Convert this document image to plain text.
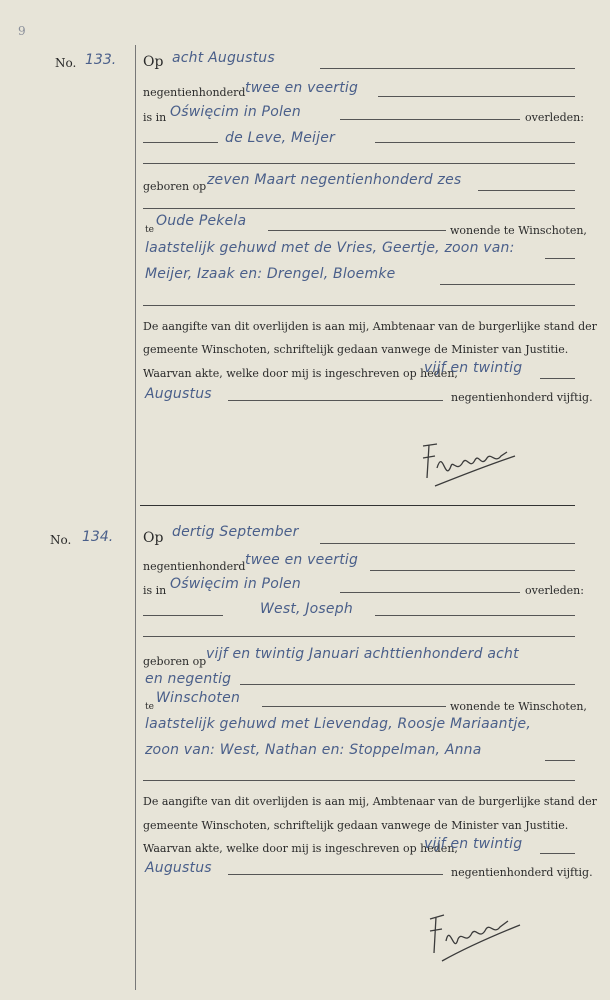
9
No. 133. Op acht Augustus
negentienhonderd twee en veertig
is in Oświęcim in Polen	overleden:
de Leve, Meijer
geboren op zeven Maart negentienhonderd zes
te
Oude Pekela
wonende te Winschoten,
laatstelijk gehuwd met de Vries, Geertje, zoon van:
Meijer, Izaak en: Drengel, Bloemke
De aangifte van dit overlijden is aan mij, Ambtenaar van de burgerlijke stand der
gemeente Winschoten, schriftelijk gedaan vanwege de Minister van Justitie.
Waarvan akte, welke door mij is ingeschreven op heden,
vijf en twintig
Augustus	negentienhonderd vijftig.
No. 134. Op dertig September
negentienhonderd twee en veertig
is in Oświęcim in Polen	overleden:
West, Joseph
geboren op vijf en twintig Januari achttienhonderd acht
en negentig
te
Winschoten
wonende te Winschoten,
laatstelijk gehuwd met Lievendag, Roosje Mariaantje,
zoon van: West, Nathan en: Stoppelman, Anna
De aangifte van dit overlijden is aan mij, Ambtenaar van de burgerlijke stand der
gemeente Winschoten, schriftelijk gedaan vanwege de Minister van Justitie.
Waarvan akte, welke door mij is ingeschreven op heden,
vijf en twintig
Augustus	negentienhonderd vijftig.
